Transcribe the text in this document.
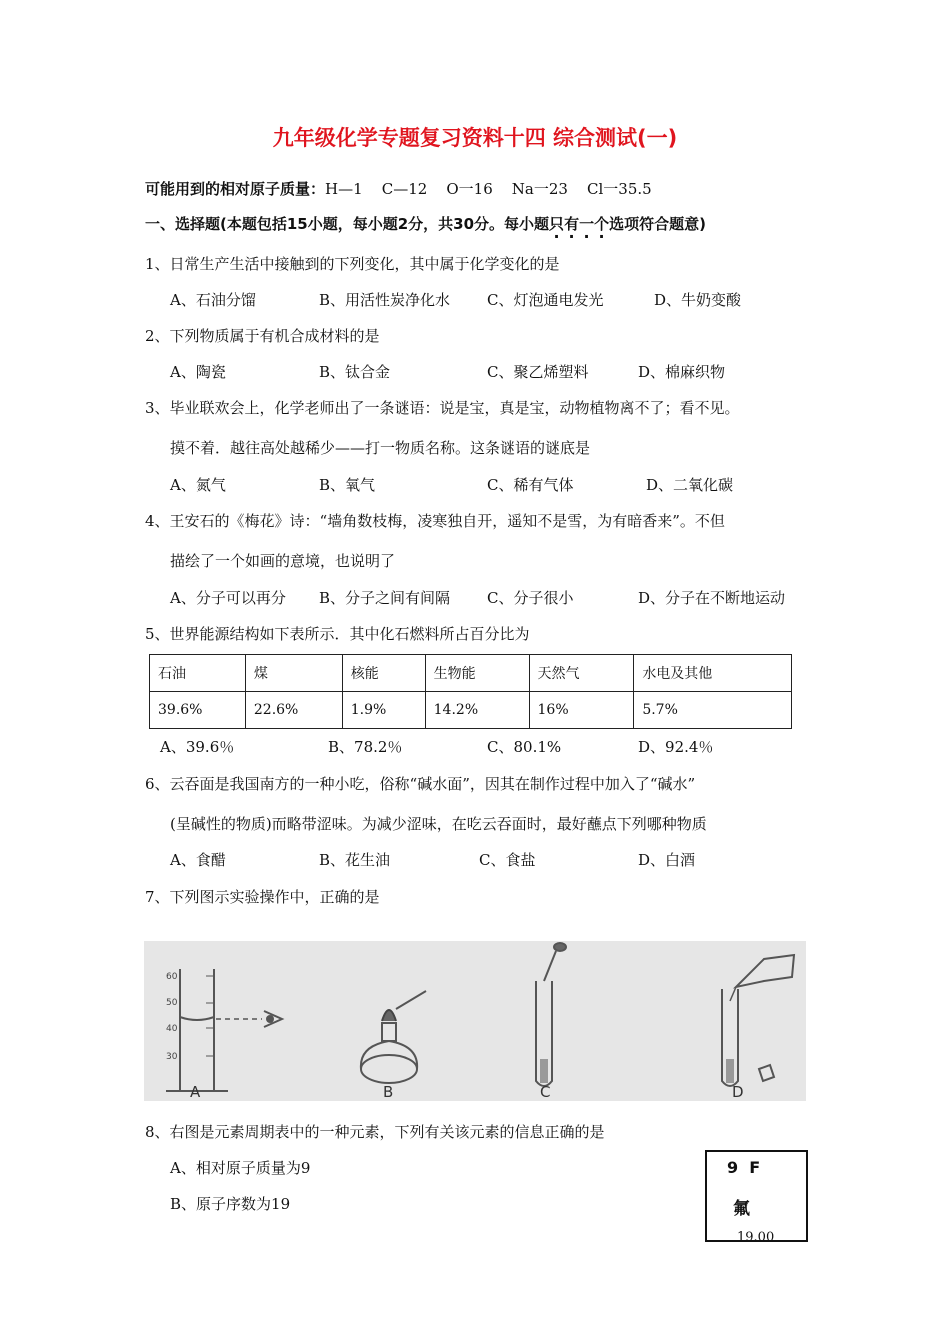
九年级化学专题复习资料十四 综合测试(一)
可能用到的相对原子质量：H—1    C—12    O一16    Na一23    Cl一35.5
一、选择题(本题包括15小题，每小题2分，共30分。每小题只有一个选项符合题意)
1、日常生产生活中接触到的下列变化，其中属于化学变化的是
A、石油分馏	B、用活性炭净化水 C、灯泡通电发光	D、牛奶变酸
2、下列物质属于有机合成材料的是
A、陶瓷	B、钛合金	C、聚乙烯塑料	D、棉麻织物
3、毕业联欢会上，化学老师出了一条谜语：说是宝，真是宝，动物植物离不了；看不见。
摸不着．越往高处越稀少——打一物质名称。这条谜语的谜底是
A、氮气	B、氧气	C、稀有气体	D、二氧化碳
4、王安石的《梅花》诗：“墙角数枝梅，凌寒独自开，遥知不是雪，为有暗香来”。不但
描绘了一个如画的意境，也说明了
A、分子可以再分 B、分子之间有间隔 C、分子很小	D、分子在不断地运动
5、世界能源结构如下表所示．其中化石燃料所占百分比为
石油	煤	核能	生物能	天然气	水电及其他
39.6%	22.6%	1.9%	14.2%	16%	5.7%
A、39.6％	B、78.2％	C、80.1%	D、92.4％
6、云吞面是我国南方的一种小吃，俗称“碱水面”，因其在制作过程中加入了“碱水”
(呈碱性的物质)而略带涩味。为减少涩味，在吃云吞面时，最好蘸点下列哪种物质
A、食醋	B、花生油	C、食盐	D、白酒
7、下列图示实验操作中，正确的是
60
50
40
30
A	B	C	D
8、右图是元素周期表中的一种元素，下列有关该元素的信息正确的是
A、相对原子质量为9
B、原子序数为19
9  F
氟
19.00
